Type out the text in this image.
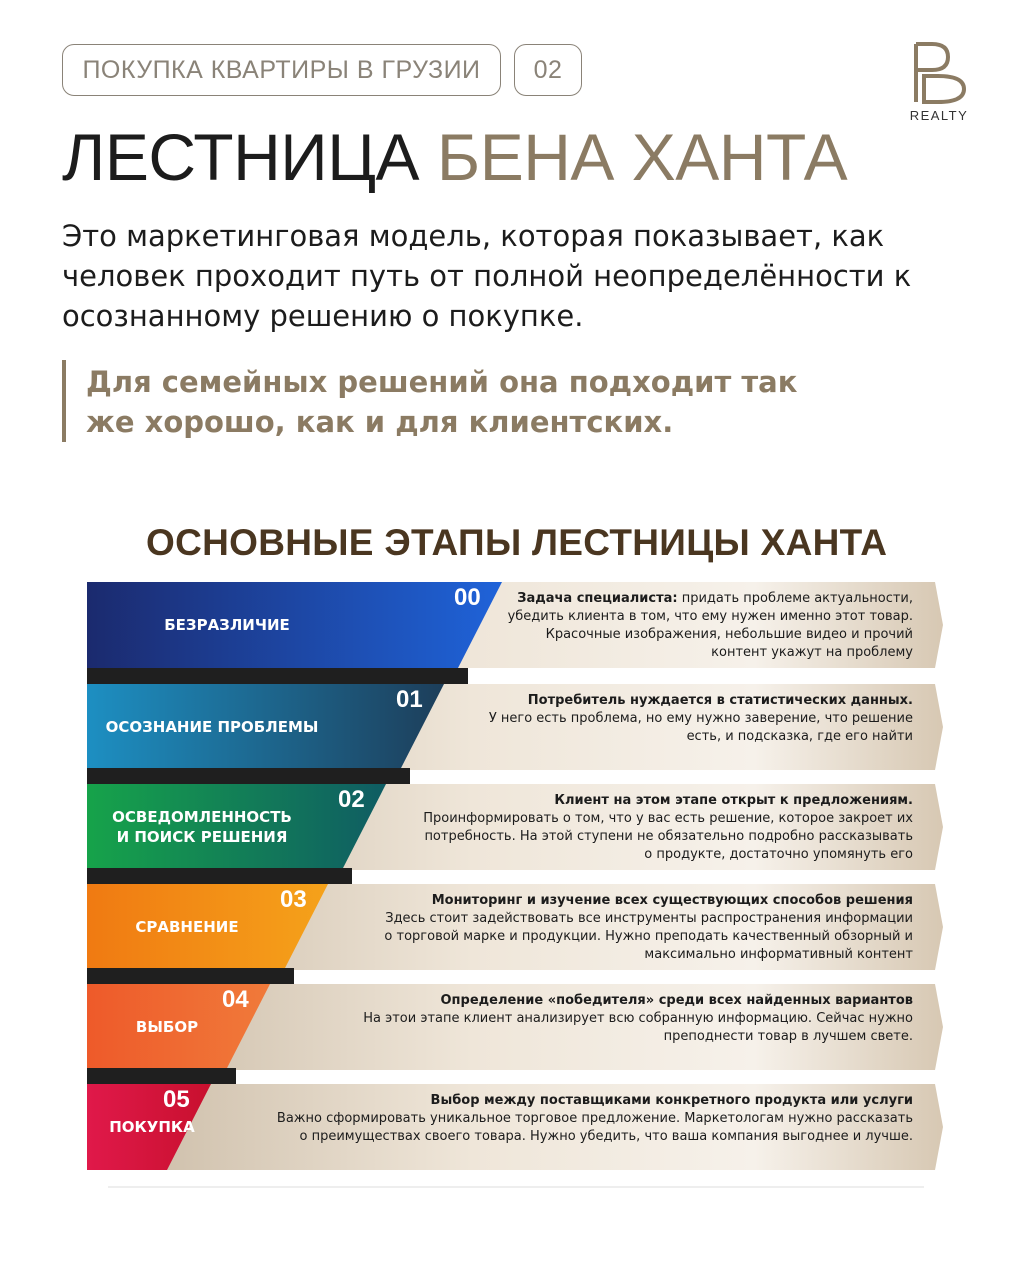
ПОКУПКА КВАРТИРЫ В ГРУЗИИ 02
REALTY
ЛЕСТНИЦА БЕНА ХАНТА
Это маркетинговая модель, которая показывает, как человек проходит путь от полной неопределённости к осознанному решению о покупке.
Для семейных решений она подходит так же хорошо, как и для клиентских.
ОСНОВНЫЕ ЭТАПЫ ЛЕСТНИЦЫ ХАНТА
БЕЗРАЗЛИЧИЕ
00	Задача специалиста: придать проблеме актуальности,
убедить клиента в том, что ему нужен именно этот товар.
Красочные изображения, небольшие видео и прочий
контент укажут на проблему
ОСОЗНАНИЕ ПРОБЛЕМЫ
01	Потребитель нуждается в статистических данных.
У него есть проблема, но ему нужно заверение, что решение
есть, и подсказка, где его найти
ОСВЕДОМЛЕННОСТЬ
И ПОИСК РЕШЕНИЯ
02	Клиент на этом этапе открыт к предложениям.
Проинформировать о том, что у вас есть решение, которое закроет их
потребность. На этой ступени не обязательно подробно рассказывать
о продукте, достаточно упомянуть его
СРАВНЕНИЕ
03	Мониторинг и изучение всех существующих способов решения
Здесь стоит задействовать все инструменты распространения информации
о торговой марке и продукции. Нужно преподать качественный обзорный и
максимально информативный контент
ВЫБОР
04	Определение «победителя» среди всех найденных вариантов
На этои этапе клиент анализирует всю собранную информацию. Сейчас нужно
преподнести товар в лучшем свете.
ПОКУПКА
05	Выбор между поставщиками конкретного продукта или услуги
Важно сформировать уникальное торговое предложение. Маркетологам нужно рассказать
о преимуществах своего товара. Нужно убедить, что ваша компания выгоднее и лучше.
